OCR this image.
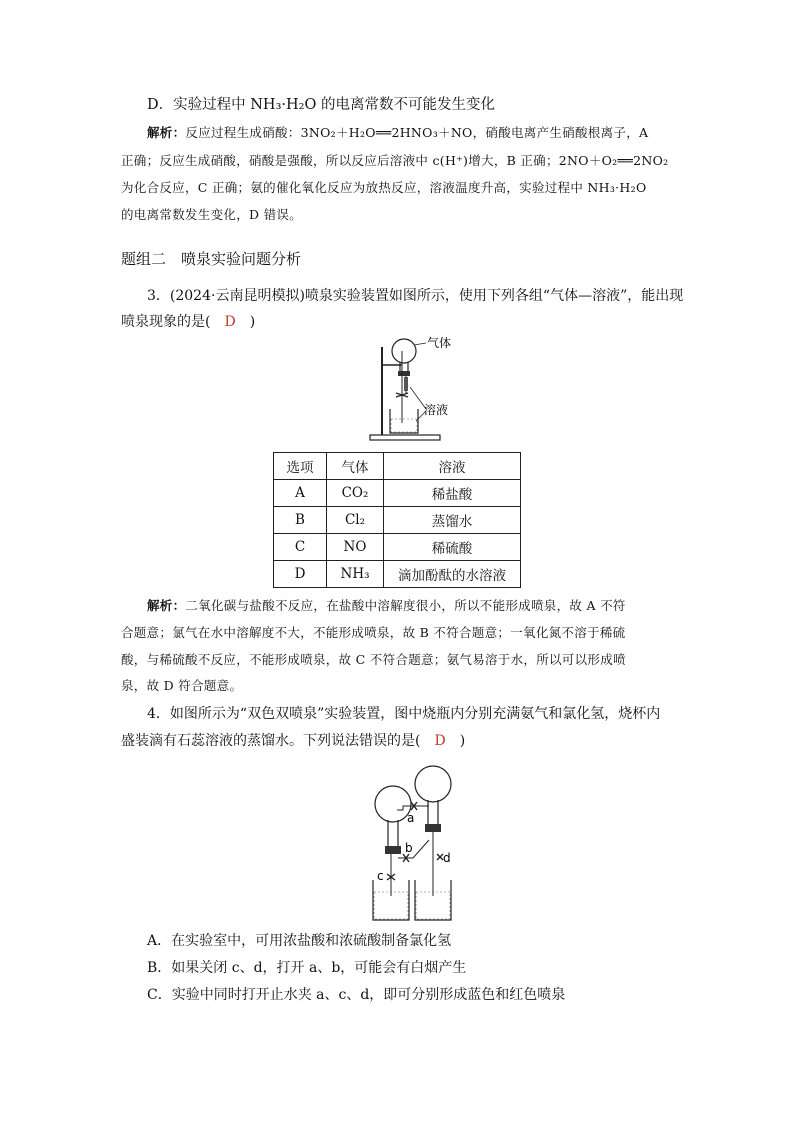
D．实验过程中 NH₃·H₂O 的电离常数不可能发生变化
解析：反应过程生成硝酸：3NO₂＋H₂O══2HNO₃＋NO，硝酸电离产生硝酸根离子，A
正确；反应生成硝酸，硝酸是强酸，所以反应后溶液中 c(H⁺)增大，B 正确；2NO＋O₂══2NO₂
为化合反应，C 正确；氨的催化氧化反应为放热反应，溶液温度升高，实验过程中 NH₃·H₂O
的电离常数发生变化，D 错误。
题组二　喷泉实验问题分析
3．(2024·云南昆明模拟)喷泉实验装置如图所示，使用下列各组“气体—溶液”，能出现
喷泉现象的是(　D　)
气体
溶液
选项	气体	溶液
A	CO₂	稀盐酸
B	Cl₂	蒸馏水
C	NO	稀硫酸
D	NH₃	滴加酚酞的水溶液
解析：二氧化碳与盐酸不反应，在盐酸中溶解度很小，所以不能形成喷泉，故 A 不符
合题意；氯气在水中溶解度不大，不能形成喷泉，故 B 不符合题意；一氧化氮不溶于稀硫
酸，与稀硫酸不反应，不能形成喷泉，故 C 不符合题意；氨气易溶于水，所以可以形成喷
泉，故 D 符合题意。
4．如图所示为“双色双喷泉”实验装置，图中烧瓶内分别充满氨气和氯化氢，烧杯内
盛装滴有石蕊溶液的蒸馏水。下列说法错误的是(　D　)
a
b
c
d
A．在实验室中，可用浓盐酸和浓硫酸制备氯化氢
B．如果关闭 c、d，打开 a、b，可能会有白烟产生
C．实验中同时打开止水夹 a、c、d，即可分别形成蓝色和红色喷泉
